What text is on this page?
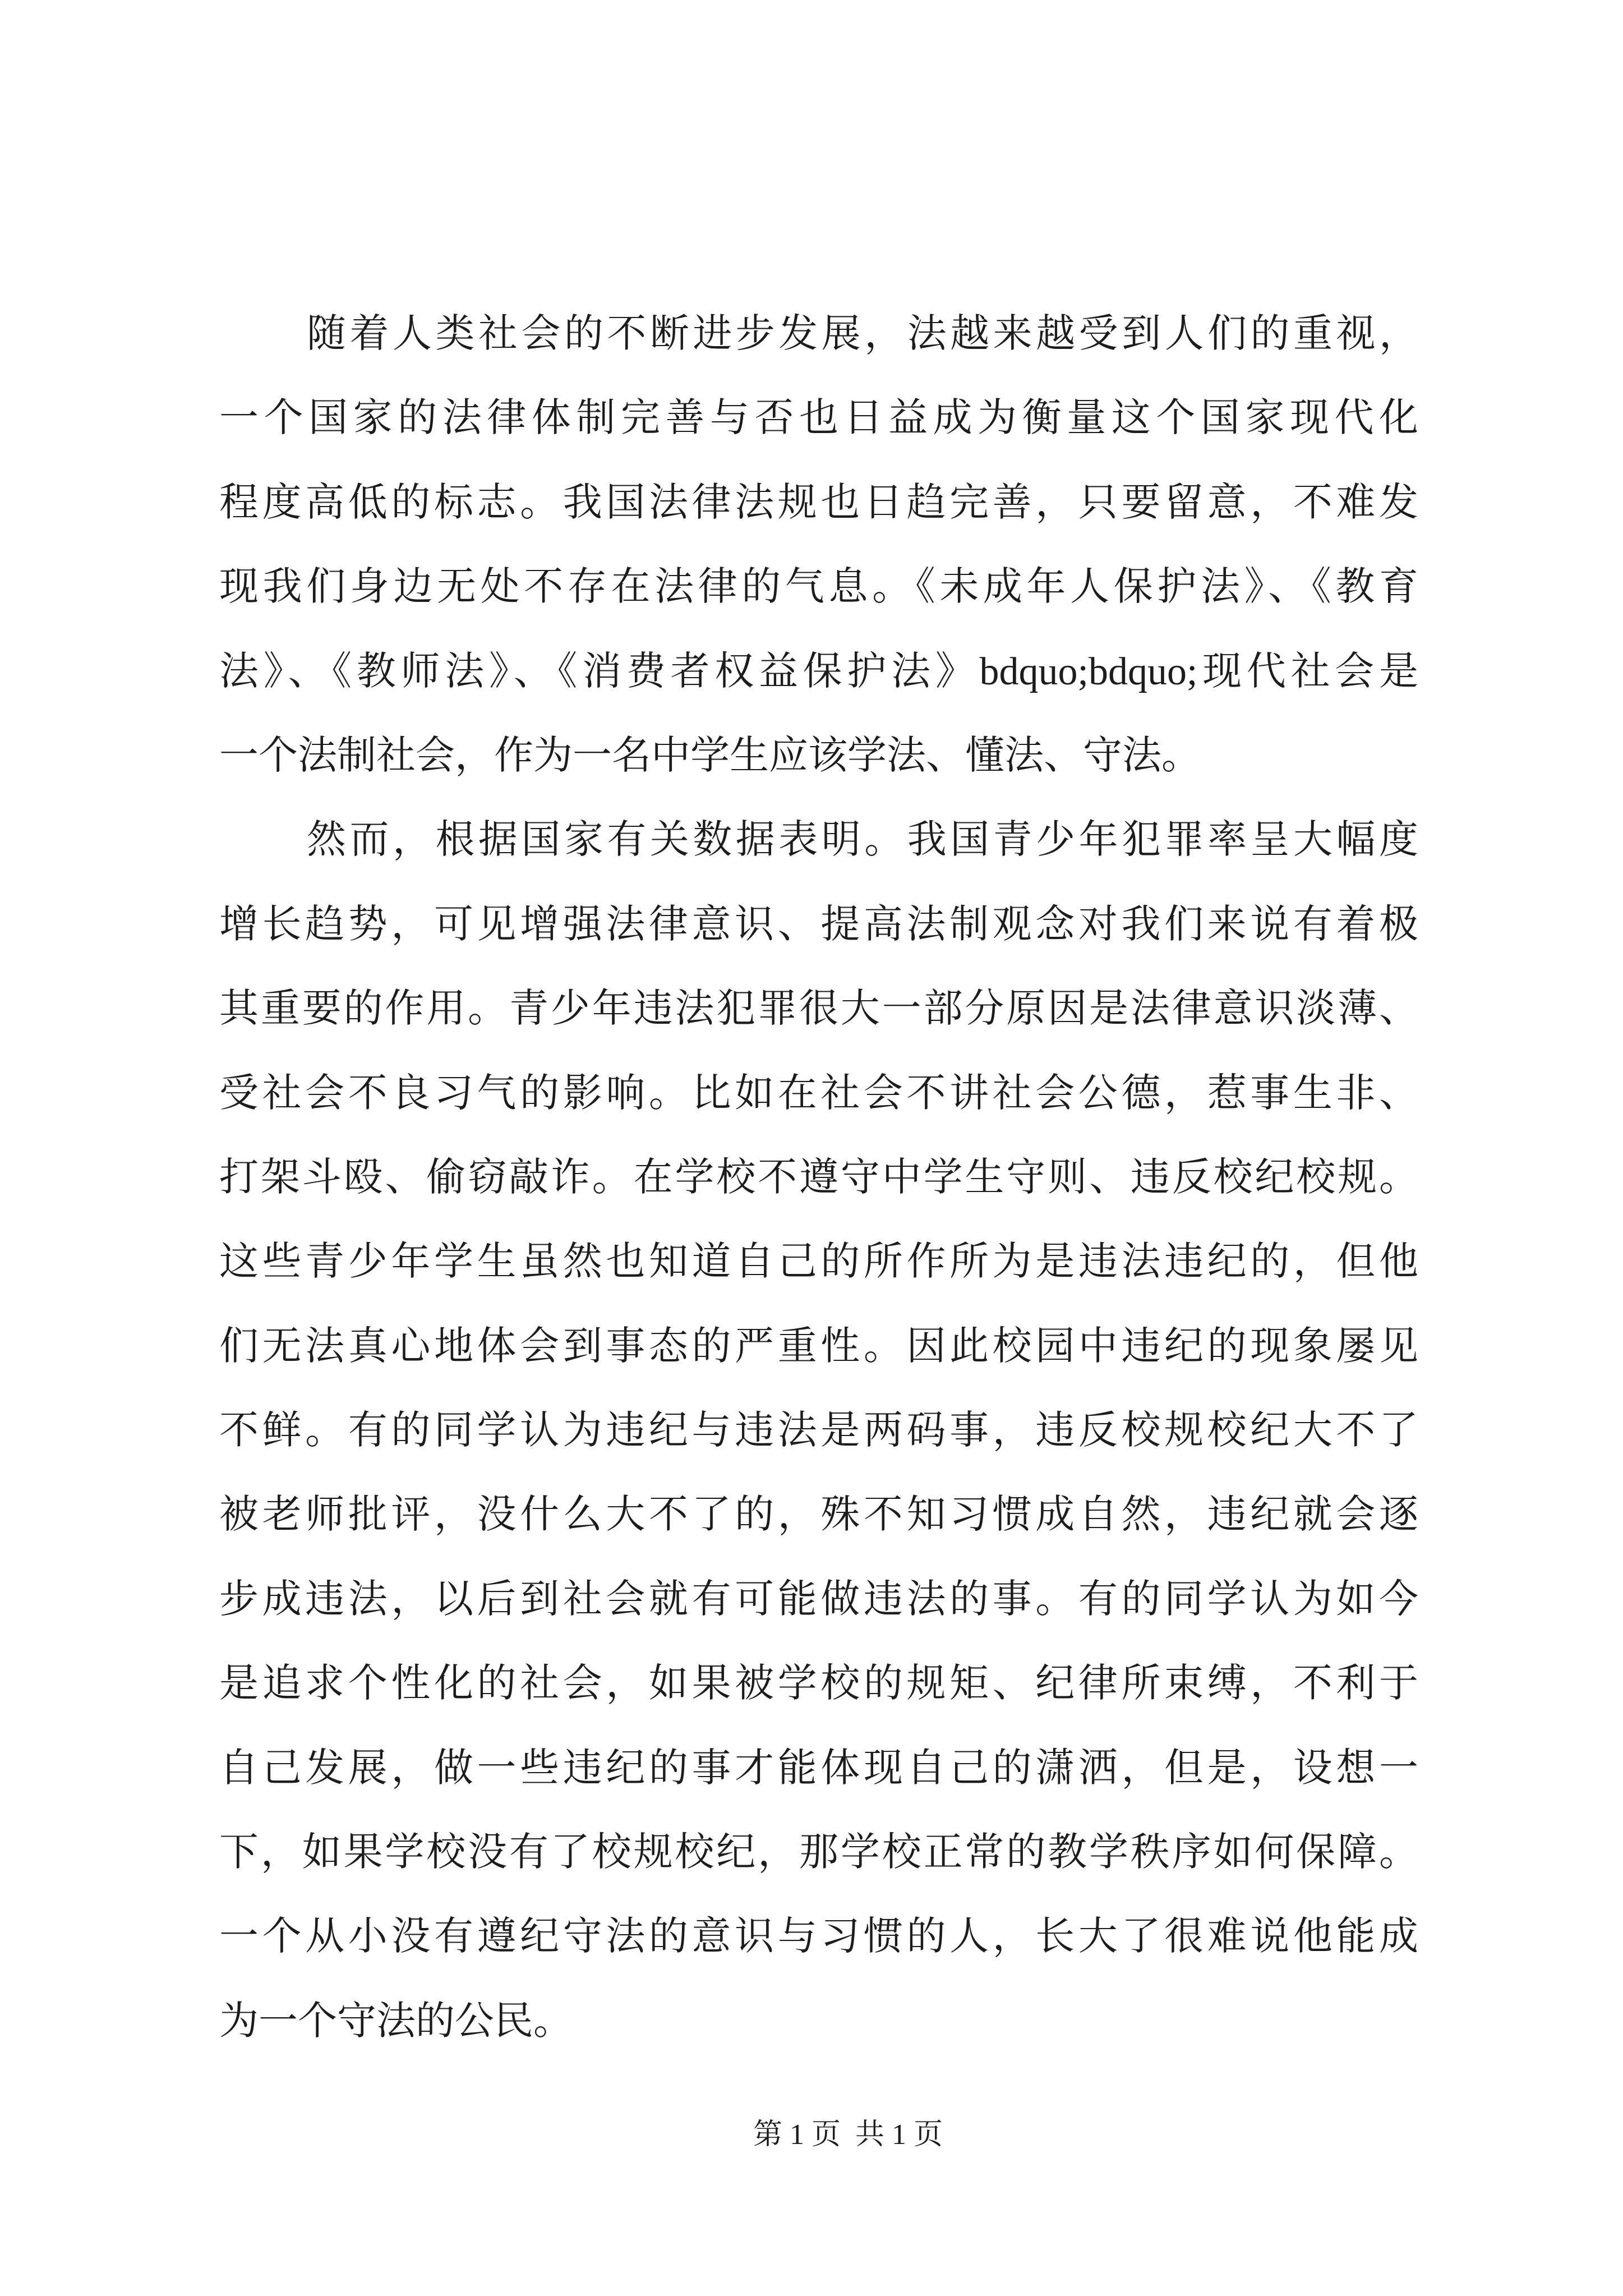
随着人类社会的不断进步发展，法越来越受到人们的重视，
一个国家的法律体制完善与否也日益成为衡量这个国家现代化
程度高低的标志。我国法律法规也日趋完善，只要留意，不难发
现我们身边无处不存在法律的气息。《未成年人保护法》、《教育
法》、《教师法》、《消费者权益保护法》bdquo;bdquo;现代社会是
一个法制社会，作为一名中学生应该学法、懂法、守法。
然而，根据国家有关数据表明。我国青少年犯罪率呈大幅度
增长趋势，可见增强法律意识、提高法制观念对我们来说有着极
其重要的作用。青少年违法犯罪很大一部分原因是法律意识淡薄、
受社会不良习气的影响。比如在社会不讲社会公德，惹事生非、
打架斗殴、偷窃敲诈。在学校不遵守中学生守则、违反校纪校规。
这些青少年学生虽然也知道自己的所作所为是违法违纪的，但他
们无法真心地体会到事态的严重性。因此校园中违纪的现象屡见
不鲜。有的同学认为违纪与违法是两码事，违反校规校纪大不了
被老师批评，没什么大不了的，殊不知习惯成自然，违纪就会逐
步成违法，以后到社会就有可能做违法的事。有的同学认为如今
是追求个性化的社会，如果被学校的规矩、纪律所束缚，不利于
自己发展，做一些违纪的事才能体现自己的潇洒，但是，设想一
下，如果学校没有了校规校纪，那学校正常的教学秩序如何保障。
一个从小没有遵纪守法的意识与习惯的人，长大了很难说他能成
为一个守法的公民。
第 1 页  共 1 页
